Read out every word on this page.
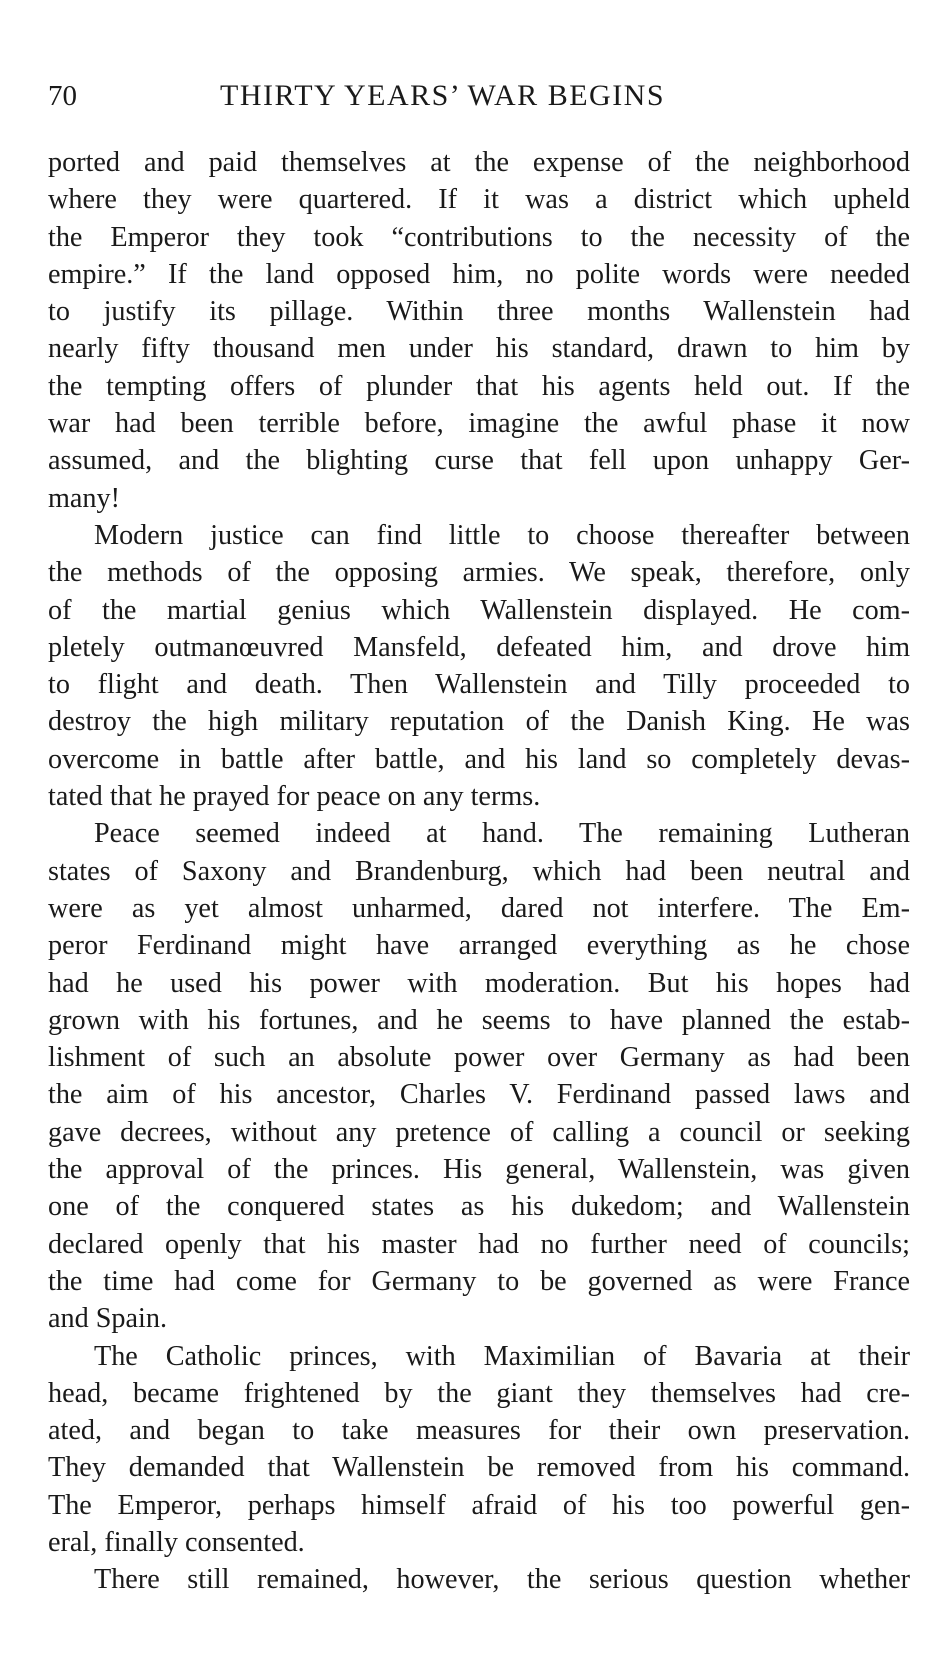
70	THIRTY YEARS’ WAR BEGINS
ported and paid themselves at the expense of the neighborhood
where they were quartered. If it was a district which upheld
the Emperor they took “contributions to the necessity of the
empire.” If the land opposed him, no polite words were needed
to justify its pillage. Within three months Wallenstein had
nearly fifty thousand men under his standard, drawn to him by
the tempting offers of plunder that his agents held out. If the
war had been terrible before, imagine the awful phase it now
assumed, and the blighting curse that fell upon unhappy Ger-
many!
Modern justice can find little to choose thereafter between
the methods of the opposing armies. We speak, therefore, only
of the martial genius which Wallenstein displayed. He com-
pletely outmanœuvred Mansfeld, defeated him, and drove him
to flight and death. Then Wallenstein and Tilly proceeded to
destroy the high military reputation of the Danish King. He was
overcome in battle after battle, and his land so completely devas-
tated that he prayed for peace on any terms.
Peace seemed indeed at hand. The remaining Lutheran
states of Saxony and Brandenburg, which had been neutral and
were as yet almost unharmed, dared not interfere. The Em-
peror Ferdinand might have arranged everything as he chose
had he used his power with moderation. But his hopes had
grown with his fortunes, and he seems to have planned the estab-
lishment of such an absolute power over Germany as had been
the aim of his ancestor, Charles V. Ferdinand passed laws and
gave decrees, without any pretence of calling a council or seeking
the approval of the princes. His general, Wallenstein, was given
one of the conquered states as his dukedom; and Wallenstein
declared openly that his master had no further need of councils;
the time had come for Germany to be governed as were France
and Spain.
The Catholic princes, with Maximilian of Bavaria at their
head, became frightened by the giant they themselves had cre-
ated, and began to take measures for their own preservation.
They demanded that Wallenstein be removed from his command.
The Emperor, perhaps himself afraid of his too powerful gen-
eral, finally consented.
There still remained, however, the serious question whether
